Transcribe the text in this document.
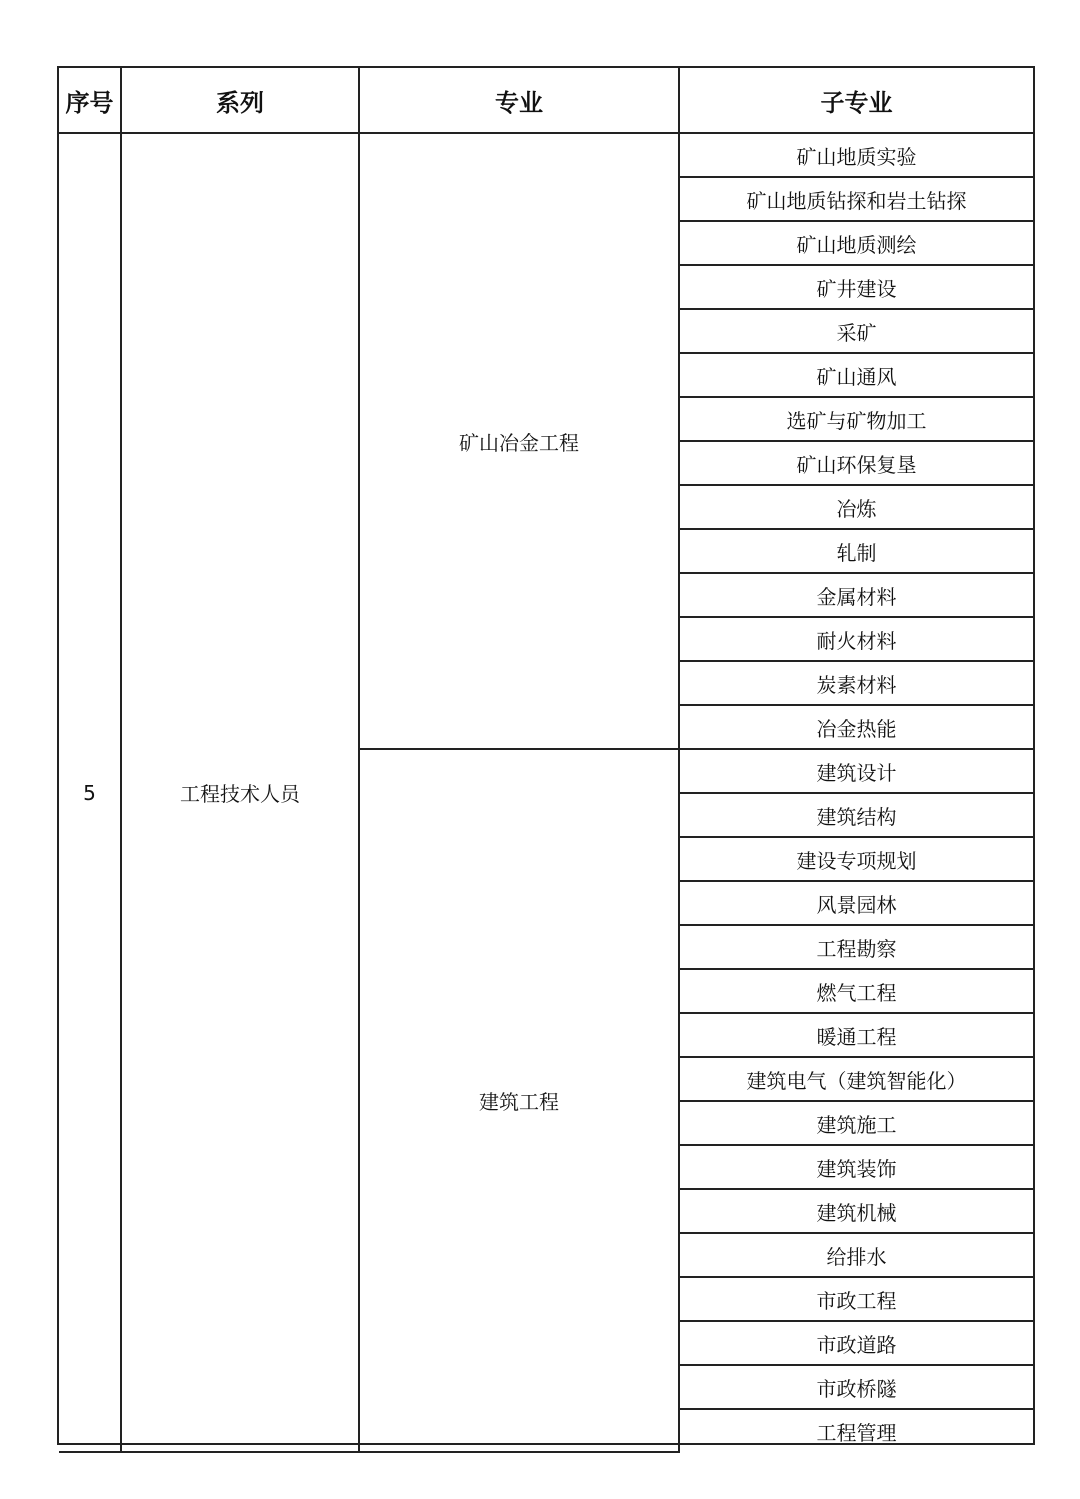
序号	系列	专业	子专业
5	工程技术人员	矿山冶金工程	矿山地质实验
			矿山地质钻探和岩土钻探
			矿山地质测绘
			矿井建设
			采矿
			矿山通风
			选矿与矿物加工
			矿山环保复垦
			冶炼
			轧制
			金属材料
			耐火材料
			炭素材料
			冶金热能
		建筑工程	建筑设计
			建筑结构
			建设专项规划
			风景园林
			工程勘察
			燃气工程
			暖通工程
			建筑电气（建筑智能化）
			建筑施工
			建筑装饰
			建筑机械
			给排水
			市政工程
			市政道路
			市政桥隧
			工程管理
